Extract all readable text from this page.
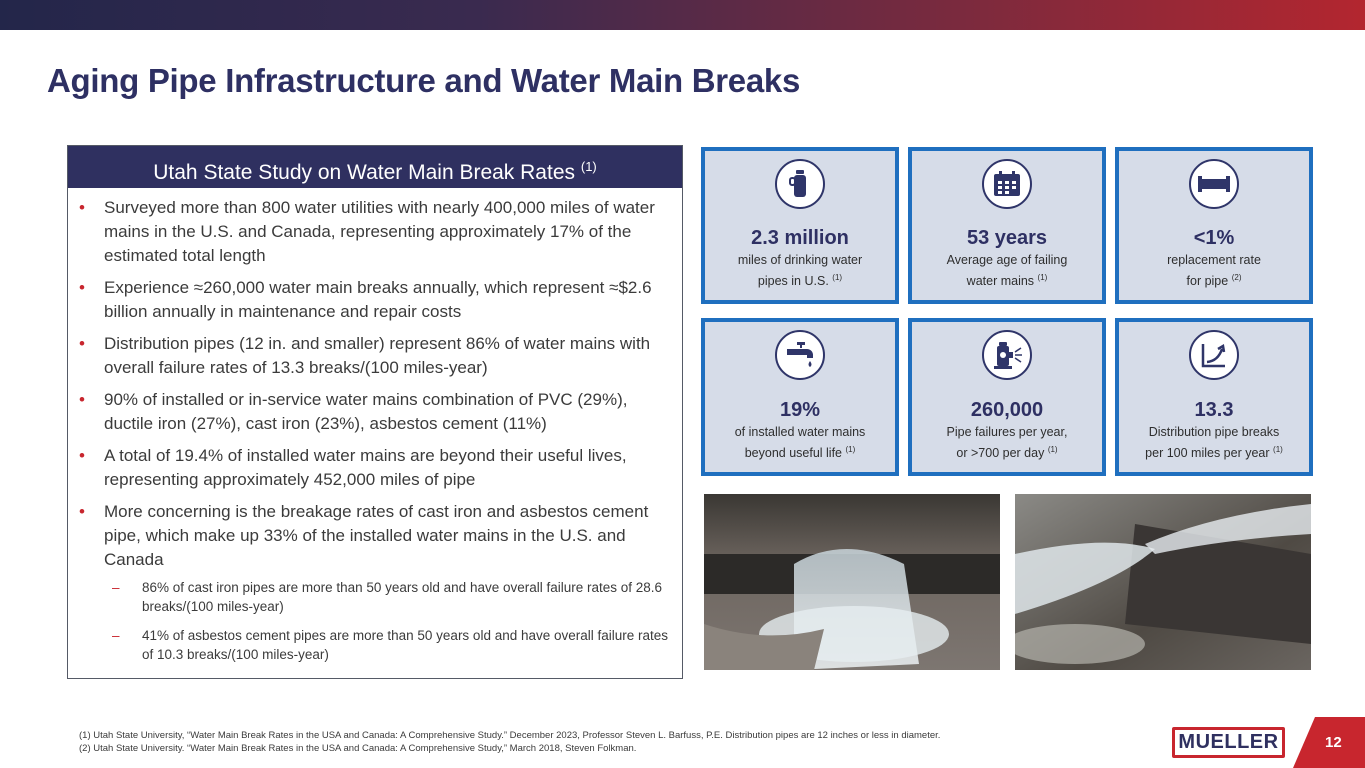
Aging Pipe Infrastructure and Water Main Breaks
Utah State Study on Water Main Break Rates $^{(1)}$
• Surveyed more than 800 water utilities with nearly 400,000 miles of water mains in the U.S. and Canada, representing approximately 17% of the estimated total length
• Experience ≈260,000 water main breaks annually, which represent ≈$2.6 billion annually in maintenance and repair costs
• Distribution pipes (12 in. and smaller) represent 86% of water mains with overall failure rates of 13.3 breaks/(100 miles-year)
• 90% of installed or in-service water mains combination of PVC (29%), ductile iron (27%), cast iron (23%), asbestos cement (11%)
• A total of 19.4% of installed water mains are beyond their useful lives, representing approximately 452,000 miles of pipe
• More concerning is the breakage rates of cast iron and asbestos cement pipe, which make up 33% of the installed water mains in the U.S. and Canada
– 86% of cast iron pipes are more than 50 years old and have overall failure rates of 28.6 breaks/(100 miles-year)
– 41% of asbestos cement pipes are more than 50 years old and have overall failure rates of 10.3 breaks/(100 miles-year)
2.3 million
miles of drinking water
pipes in U.S. $^{(1)}$
53 years
Average age of failing
water mains $^{(1)}$
<1%
replacement rate
for pipe $^{(2)}$
19%
of installed water mains
beyond useful life $^{(1)}$
260,000
Pipe failures per year,
or >700 per day $^{(1)}$
13.3
Distribution pipe breaks
per 100 miles per year $^{(1)}$
(1) Utah State University, “Water Main Break Rates in the USA and Canada: A Comprehensive Study.” December 2023, Professor Steven L. Barfuss, P.E. Distribution pipes are 12 inches or less in diameter.
(2) Utah State University. “Water Main Break Rates in the USA and Canada: A Comprehensive Study,” March 2018, Steven Folkman.	MUELLER	12
